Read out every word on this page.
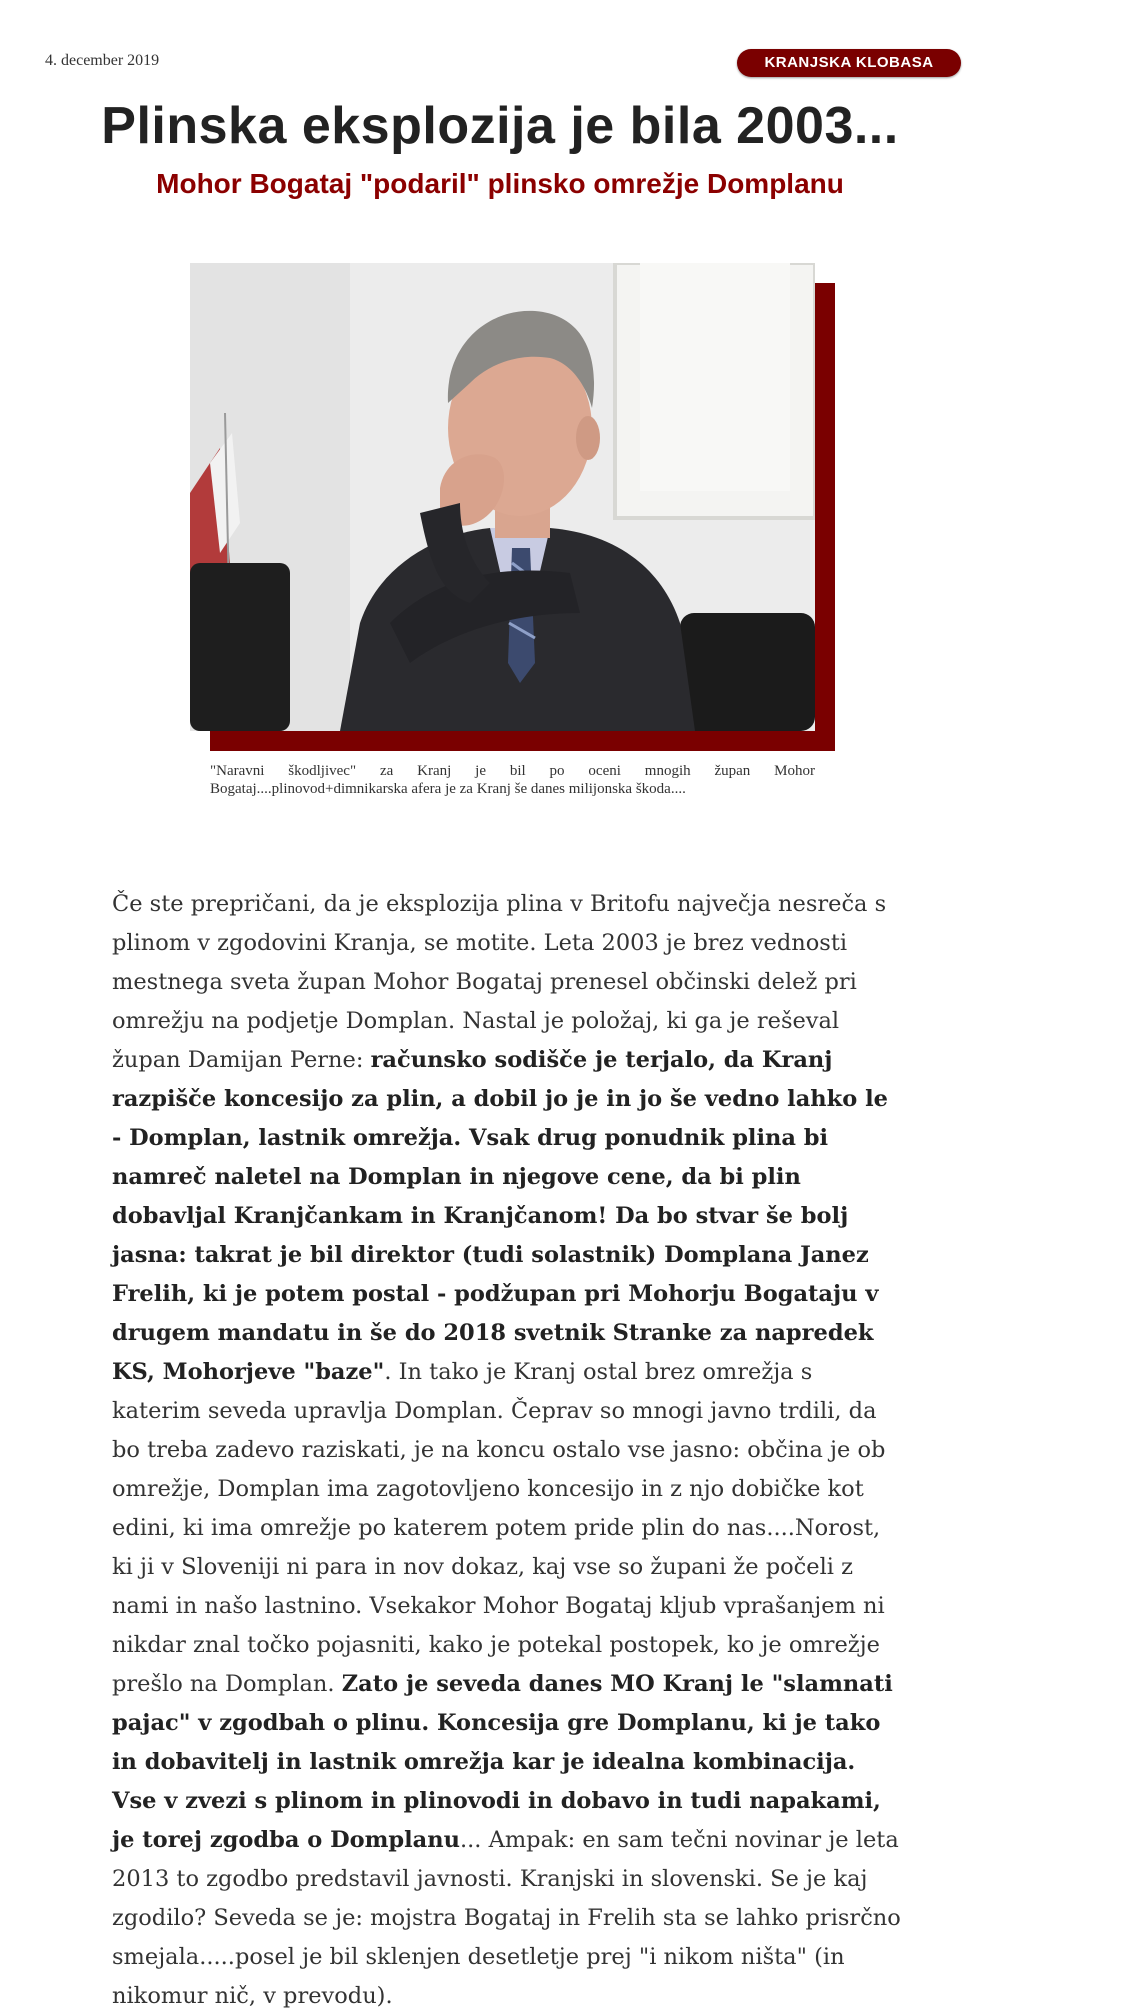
4. december 2019	KRANJSKA KLOBASA
Plinska eksplozija je bila 2003...
Mohor Bogataj "podaril" plinsko omrežje Domplanu
"Naravni škodljivec" za Kranj je bil po oceni mnogih župan Mohor Bogataj....plinovod+dimnikarska afera je za Kranj še danes milijonska škoda....

Če ste prepričani, da je eksplozija plina v Britofu največja nesreča s plinom v zgodovini Kranja, se motite. Leta 2003 je brez vednosti mestnega sveta župan Mohor Bogataj prenesel občinski delež pri omrežju na podjetje Domplan. Nastal je položaj, ki ga je reševal župan Damijan Perne: računsko sodišče je terjalo, da Kranj razpišče koncesijo za plin, a dobil jo je in jo še vedno lahko le - Domplan, lastnik omrežja. Vsak drug ponudnik plina bi namreč naletel na Domplan in njegove cene, da bi plin dobavljal Kranjčankam in Kranjčanom! Da bo stvar še bolj jasna: takrat je bil direktor (tudi solastnik) Domplana Janez Frelih, ki je potem postal - podžupan pri Mohorju Bogataju v drugem mandatu in še do 2018 svetnik Stranke za napredek KS, Mohorjeve "baze". In tako je Kranj ostal brez omrežja s katerim seveda upravlja Domplan. Čeprav so mnogi javno trdili, da bo treba zadevo raziskati, je na koncu ostalo vse jasno: občina je ob omrežje, Domplan ima zagotovljeno koncesijo in z njo dobičke kot edini, ki ima omrežje po katerem potem pride plin do nas....Norost, ki ji v Sloveniji ni para in nov dokaz, kaj vse so župani že počeli z nami in našo lastnino. Vsekakor Mohor Bogataj kljub vprašanjem ni nikdar znal točko pojasniti, kako je potekal postopek, ko je omrežje prešlo na Domplan. Zato je seveda danes MO Kranj le "slamnati pajac" v zgodbah o plinu. Koncesija gre Domplanu, ki je tako in dobavitelj in lastnik omrežja kar je idealna kombinacija. Vse v zvezi s plinom in plinovodi in dobavo in tudi napakami, je torej zgodba o Domplanu... Ampak: en sam tečni novinar je leta 2013 to zgodbo predstavil javnosti. Kranjski in slovenski. Se je kaj zgodilo? Seveda se je: mojstra Bogataj in Frelih sta se lahko prisrčno smejala.....posel je bil sklenjen desetletje prej "i nikom ništa" (in nikomur nič, v prevodu).
